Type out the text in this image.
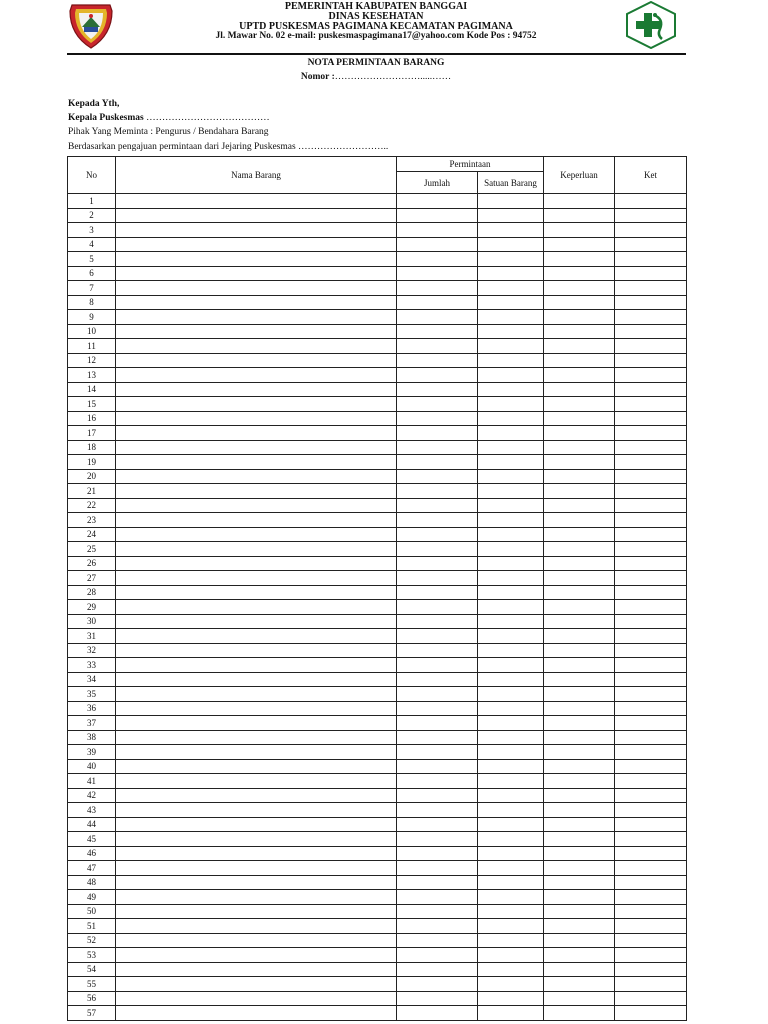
PEMERINTAH KABUPATEN BANGGAI
DINAS KESEHATAN
UPTD PUSKESMAS PAGIMANA KECAMATAN PAGIMANA
Jl. Mawar No. 02 e-mail: puskesmaspagimana17@yahoo.com Kode Pos : 94752
NOTA PERMINTAAN BARANG
Nomor :……………………….....……
Kepada Yth,
Kepala Puskesmas …………………………………
Pihak Yang Meminta : Pengurus / Bendahara Barang
Berdasarkan pengajuan permintaan dari Jejaring Puskesmas ………………………..
No	Nama Barang	Permintaan		Keperluan	Ket
		Jumlah	Satuan Barang		
1					
2					
3					
4					
5					
6					
7					
8					
9					
10					
11					
12					
13					
14					
15					
16					
17					
18					
19					
20					
21					
22					
23					
24					
25					
26					
27					
28					
29					
30					
31					
32					
33					
34					
35					
36					
37					
38					
39					
40					
41					
42					
43					
44					
45					
46					
47					
48					
49					
50					
51					
52					
53					
54					
55					
56					
57					
